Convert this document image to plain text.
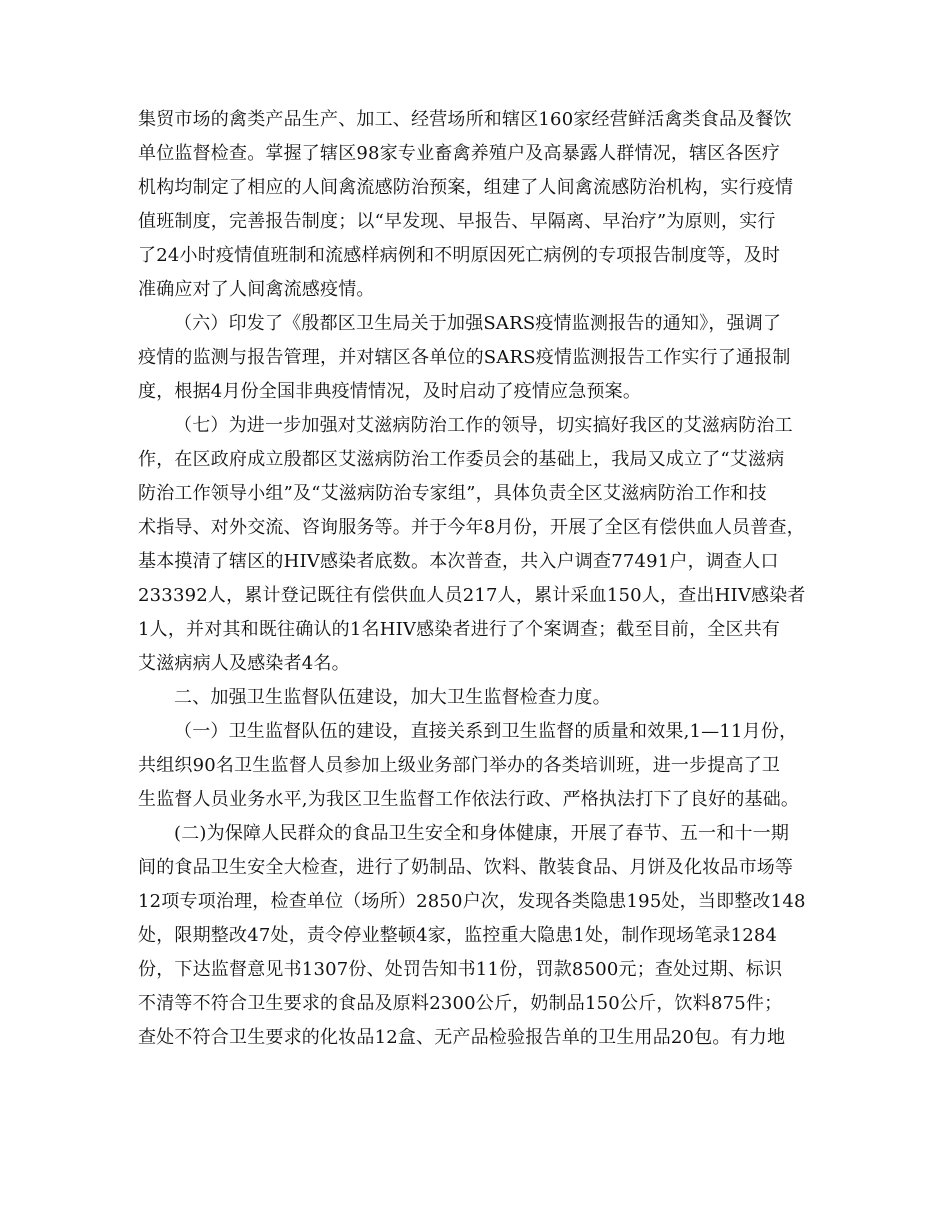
集贸市场的禽类产品生产、加工、经营场所和辖区160家经营鲜活禽类食品及餐饮
单位监督检查。掌握了辖区98家专业畜禽养殖户及高暴露人群情况，辖区各医疗
机构均制定了相应的人间禽流感防治预案，组建了人间禽流感防治机构，实行疫情
值班制度，完善报告制度；以“早发现、早报告、早隔离、早治疗”为原则，实行
了24小时疫情值班制和流感样病例和不明原因死亡病例的专项报告制度等，及时
准确应对了人间禽流感疫情。
（六）印发了《殷都区卫生局关于加强SARS疫情监测报告的通知》，强调了
疫情的监测与报告管理，并对辖区各单位的SARS疫情监测报告工作实行了通报制
度，根据4月份全国非典疫情情况，及时启动了疫情应急预案。
（七）为进一步加强对艾滋病防治工作的领导，切实搞好我区的艾滋病防治工
作，在区政府成立殷都区艾滋病防治工作委员会的基础上，我局又成立了“艾滋病
防治工作领导小组”及“艾滋病防治专家组”，具体负责全区艾滋病防治工作和技
术指导、对外交流、咨询服务等。并于今年8月份，开展了全区有偿供血人员普查，
基本摸清了辖区的HIV感染者底数。本次普查，共入户调查77491户，调查人口
233392人，累计登记既往有偿供血人员217人，累计采血150人，查出HIV感染者
1人，并对其和既往确认的1名HIV感染者进行了个案调查；截至目前，全区共有
艾滋病病人及感染者4名。
二、加强卫生监督队伍建设，加大卫生监督检查力度。
（一）卫生监督队伍的建设，直接关系到卫生监督的质量和效果,1—11月份，
共组织90名卫生监督人员参加上级业务部门举办的各类培训班，进一步提高了卫
生监督人员业务水平,为我区卫生监督工作依法行政、严格执法打下了良好的基础。
(二)为保障人民群众的食品卫生安全和身体健康，开展了春节、五一和十一期
间的食品卫生安全大检查，进行了奶制品、饮料、散装食品、月饼及化妆品市场等
12项专项治理，检查单位（场所）2850户次，发现各类隐患195处，当即整改148
处，限期整改47处，责令停业整顿4家，监控重大隐患1处，制作现场笔录1284
份，下达监督意见书1307份、处罚告知书11份，罚款8500元；查处过期、标识
不清等不符合卫生要求的食品及原料2300公斤，奶制品150公斤，饮料875件；
查处不符合卫生要求的化妆品12盒、无产品检验报告单的卫生用品20包。有力地
